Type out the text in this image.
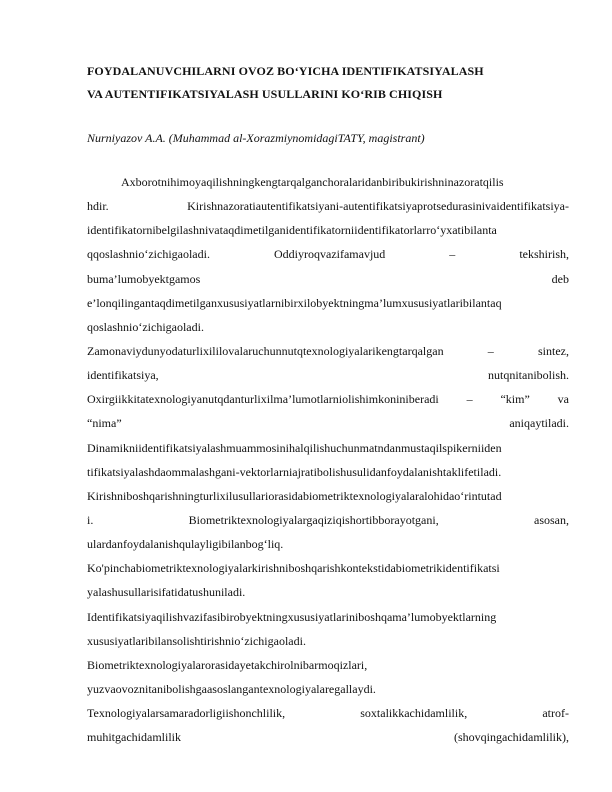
FOYDALANUVCHILARNI OVOZ BO‘YICHA IDENTIFIKATSIYALASH
VA AUTENTIFIKATSIYALASH USULLARINI KO‘RIB CHIQISH
Nurniyazov A.A. (Muhammad al-XorazmiynomidagiTATY, magistrant)
Axborotnihimoyaqilishningkengtarqalganchoralaridanbiribukirishninazoratqilis
hdir. Kirishnazoratiautentifikatsiyani-autentifikatsiyaprotsedurasinivaidentifikatsiya-
identifikatornibelgilashnivataqdimetilganidentifikatorniidentifikatorlarro‘yxatibilanta
qqoslashnio‘zichigaoladi. Oddiyroqvazifamavjud – tekshirish,
buma’lumobyektgamos deb
e’lonqilingantaqdimetilganxususiyatlarnibirxilobyektningma’lumxususiyatlaribilantaq
qoslashnio‘zichigaoladi.
Zamonaviydunyodaturlixililovalaruchunnutqtexnologiyalarikengtarqalgan – sintez,
identifikatsiya, nutqnitanibolish.
Oxirgiikkitatexnologiyanutqdanturlixilma’lumotlarniolishimkoniniberadi – “kim” va
“nima” aniqaytiladi.
Dinamikniidentifikatsiyalashmuammosinihalqilishuchunmatndanmustaqilspikerniiden
tifikatsiyalashdaommalashgani-vektorlarniajratibolishusulidanfoydalanishtaklifetiladi.
Kirishniboshqarishningturlixilusullariorasidabiometriktexnologiyalaralohidao‘rintutad
i. Biometriktexnologiyalargaqiziqishortibborayotgani, asosan,
ulardanfoydalanishqulayligibilanbog‘liq.
Ko'pinchabiometriktexnologiyalarkirishniboshqarishkontekstidabiometrikidentifikatsi
yalashusullarisifatidatushuniladi.
Identifikatsiyaqilishvazifasibirobyektningxususiyatlariniboshqama’lumobyektlarning
xususiyatlaribilansolishtirishnio‘zichigaoladi.
Biometriktexnologiyalarorasidayetakchirolnibarmoqizlari,
yuzvaovoznitanibolishgaasoslangantexnologiyalaregallaydi.
Texnologiyalarsamaradorligiishonchlilik, soxtalikkachidamlilik, atrof-
muhitgachidamlilik (shovqingachidamlilik),
